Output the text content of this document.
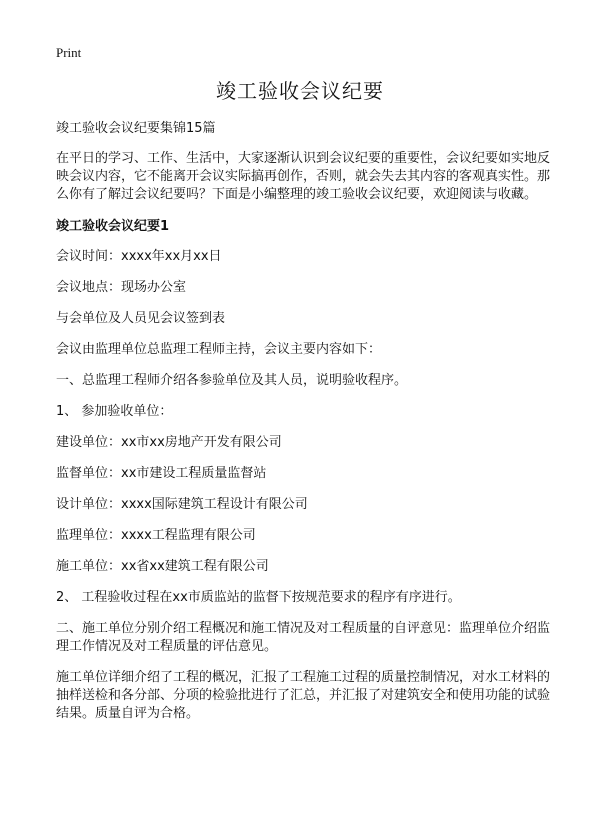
Print
竣工验收会议纪要

竣工验收会议纪要集锦15篇

在平日的学习、工作、生活中，大家逐渐认识到会议纪要的重要性，会议纪要如实地反映会议内容，它不能离开会议实际搞再创作，否则，就会失去其内容的客观真实性。那么你有了解过会议纪要吗？下面是小编整理的竣工验收会议纪要，欢迎阅读与收藏。

竣工验收会议纪要1

会议时间：xxxx年xx月xx日

会议地点：现场办公室

与会单位及人员见会议签到表

会议由监理单位总监理工程师主持，会议主要内容如下：

一、总监理工程师介绍各参验单位及其人员，说明验收程序。

1、 参加验收单位：

建设单位：xx市xx房地产开发有限公司

监督单位：xx市建设工程质量监督站

设计单位：xxxx国际建筑工程设计有限公司

监理单位：xxxx工程监理有限公司

施工单位：xx省xx建筑工程有限公司

2、 工程验收过程在xx市质监站的监督下按规范要求的程序有序进行。

二、施工单位分别介绍工程概况和施工情况及对工程质量的自评意见：监理单位介绍监理工作情况及对工程质量的评估意见。

施工单位详细介绍了工程的概况，汇报了工程施工过程的质量控制情况，对水工材料的抽样送检和各分部、分项的检验批进行了汇总，并汇报了对建筑安全和使用功能的试验结果。质量自评为合格。
